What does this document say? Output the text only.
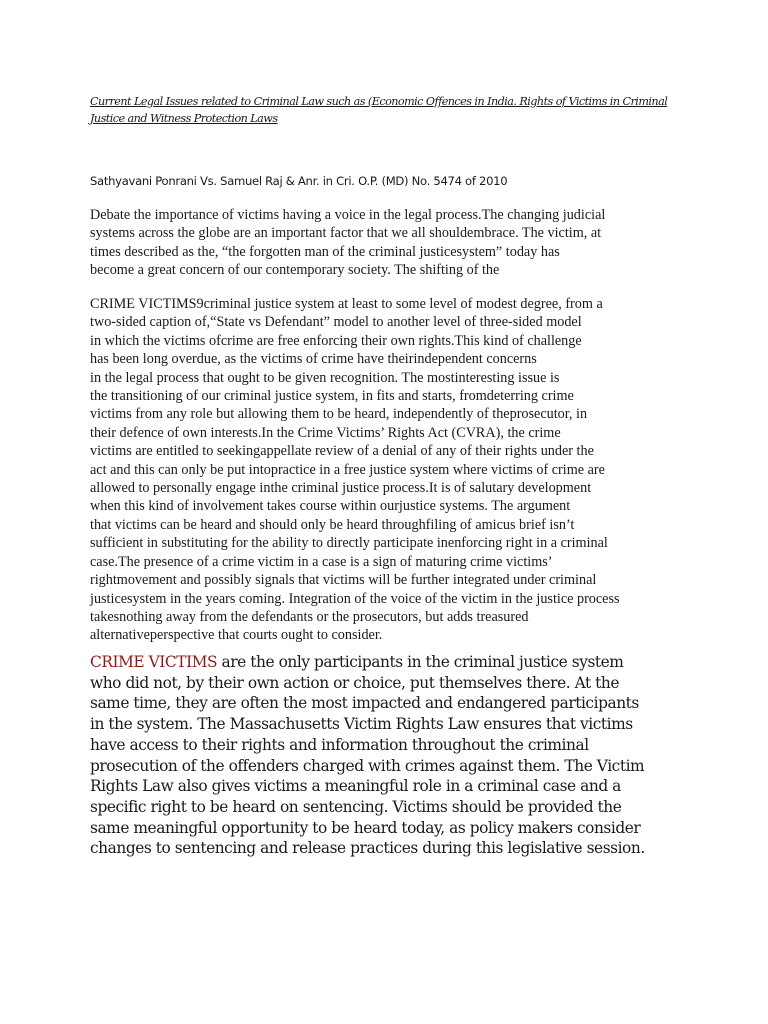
Current Legal Issues related to Criminal Law such as (Economic Offences in India. Rights of Victims in Criminal Justice and Witness Protection Laws

Sathyavani Ponrani Vs. Samuel Raj & Anr. in Cri. O.P. (MD) No. 5474 of 2010

Debate the importance of victims having a voice in the legal process.The changing judicial
systems across the globe are an important factor that we all shouldembrace. The victim, at
times described as the, “the forgotten man of the criminal justicesystem” today has
become a great concern of our contemporary society. The shifting of the

CRIME VICTIMS9criminal justice system at least to some level of modest degree, from a
two-sided caption of,“State vs Defendant” model to another level of three-sided model
in which the victims ofcrime are free enforcing their own rights.This kind of challenge
has been long overdue, as the victims of crime have theirindependent concerns
in the legal process that ought to be given recognition. The mostinteresting issue is
the transitioning of our criminal justice system, in fits and starts, fromdeterring crime
victims from any role but allowing them to be heard, independently of theprosecutor, in
their defence of own interests.In the Crime Victims’ Rights Act (CVRA), the crime
victims are entitled to seekingappellate review of a denial of any of their rights under the
act and this can only be put intopractice in a free justice system where victims of crime are
allowed to personally engage inthe criminal justice process.It is of salutary development
when this kind of involvement takes course within ourjustice systems. The argument
that victims can be heard and should only be heard throughfiling of amicus brief isn’t
sufficient in substituting for the ability to directly participate inenforcing right in a criminal
case.The presence of a crime victim in a case is a sign of maturing crime victims’
rightmovement and possibly signals that victims will be further integrated under criminal
justicesystem in the years coming. Integration of the voice of the victim in the justice process
takesnothing away from the defendants or the prosecutors, but adds treasured
alternativeperspective that courts ought to consider.

CRIME VICTIMS are the only participants in the criminal justice system
who did not, by their own action or choice, put themselves there. At the
same time, they are often the most impacted and endangered participants
in the system. The Massachusetts Victim Rights Law ensures that victims
have access to their rights and information throughout the criminal
prosecution of the offenders charged with crimes against them. The Victim
Rights Law also gives victims a meaningful role in a criminal case and a
specific right to be heard on sentencing. Victims should be provided the
same meaningful opportunity to be heard today, as policy makers consider
changes to sentencing and release practices during this legislative session.
